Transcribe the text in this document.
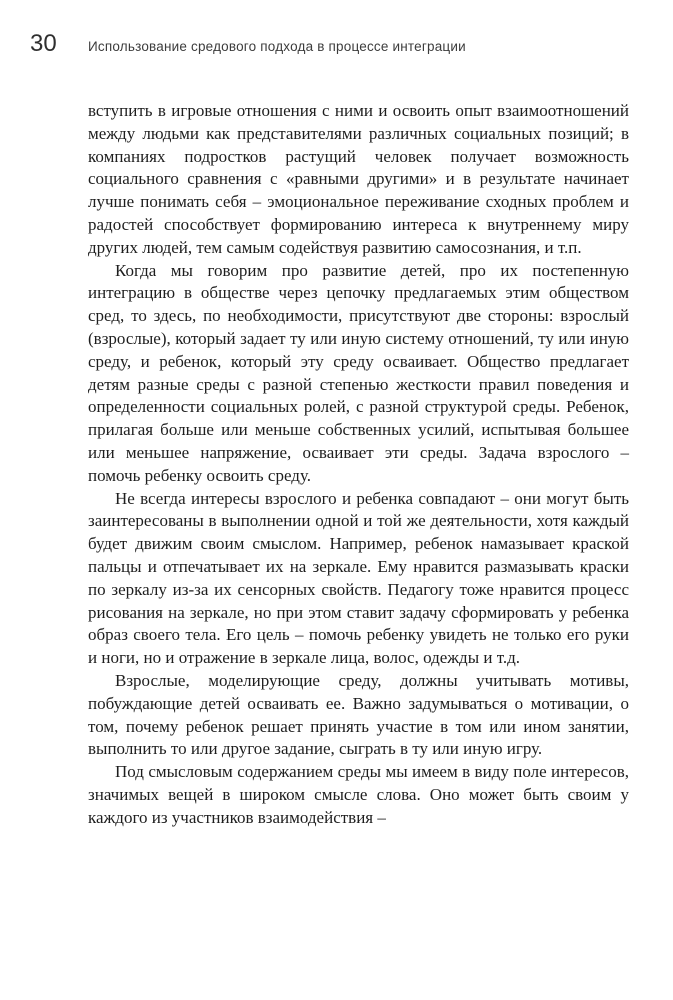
30	Использование средового подхода в процессе интеграции

вступить в игровые отношения с ними и освоить опыт взаимоотношений между людьми как представителями различных социальных позиций; в компаниях подростков растущий человек получает возможность социального сравнения с «равными другими» и в результате начинает лучше понимать себя – эмоциональное переживание сходных проблем и радостей способствует формированию интереса к внутреннему миру других людей, тем самым содействуя развитию самосознания, и т.п.

Когда мы говорим про развитие детей, про их постепенную интеграцию в обществе через цепочку предлагаемых этим обществом сред, то здесь, по необходимости, присутствуют две стороны: взрослый (взрослые), который задает ту или иную систему отношений, ту или иную среду, и ребенок, который эту среду осваивает. Общество предлагает детям разные среды с разной степенью жесткости правил поведения и определенности социальных ролей, с разной структурой среды. Ребенок, прилагая больше или меньше собственных усилий, испытывая большее или меньшее напряжение, осваивает эти среды. Задача взрослого – помочь ребенку освоить среду.

Не всегда интересы взрослого и ребенка совпадают – они могут быть заинтересованы в выполнении одной и той же деятельности, хотя каждый будет движим своим смыслом. Например, ребенок намазывает краской пальцы и отпечатывает их на зеркале. Ему нравится размазывать краски по зеркалу из-за их сенсорных свойств. Педагогу тоже нравится процесс рисования на зеркале, но при этом ставит задачу сформировать у ребенка образ своего тела. Его цель – помочь ребенку увидеть не только его руки и ноги, но и отражение в зеркале лица, волос, одежды и т.д.

Взрослые, моделирующие среду, должны учитывать мотивы, побуждающие детей осваивать ее. Важно задумываться о мотивации, о том, почему ребенок решает принять участие в том или ином занятии, выполнить то или другое задание, сыграть в ту или иную игру.

Под смысловым содержанием среды мы имеем в виду поле интересов, значимых вещей в широком смысле слова. Оно может быть своим у каждого из участников взаимодействия –
